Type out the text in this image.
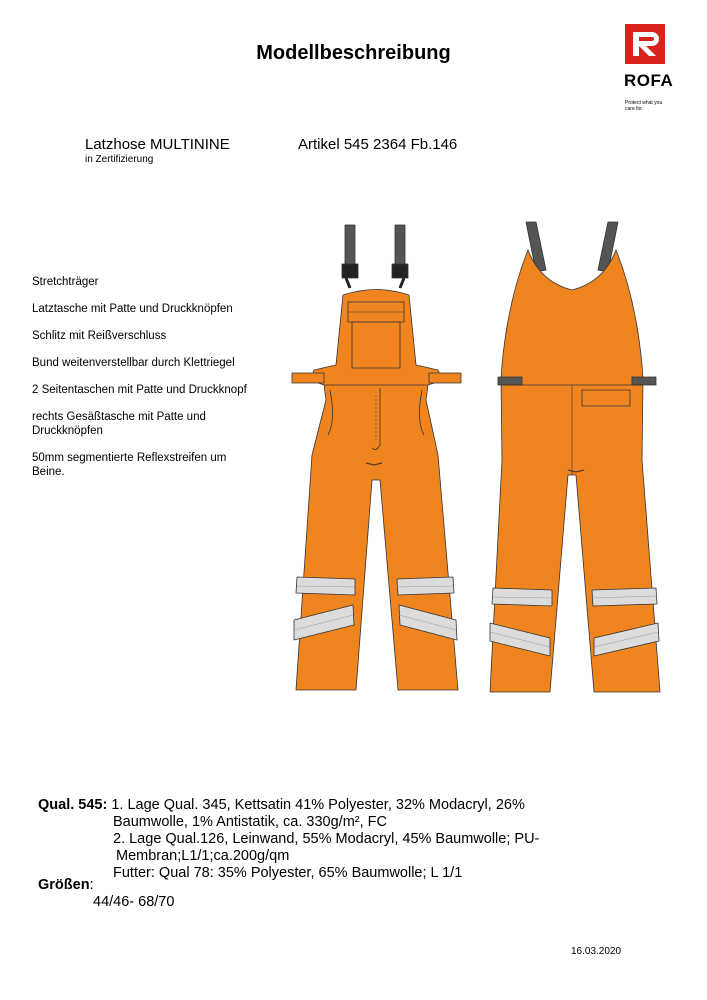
Modellbeschreibung
ROFA
Protect what you
care for.
Latzhose MULTININE
in Zertifizierung
Artikel 545 2364 Fb.146
Stretchträger
Latztasche mit Patte und Druckknöpfen
Schlitz mit Reißverschluss
Bund weitenverstellbar durch Klettriegel
2 Seitentaschen mit Patte und Druckknopf
rechts Gesäßtasche mit Patte und Druckknöpfen
50mm segmentierte Reflexstreifen um Beine.
Qual. 545: 1. Lage Qual. 345, Kettsatin 41% Polyester, 32% Modacryl, 26%
Baumwolle, 1% Antistatik, ca. 330g/m², FC
2. Lage Qual.126, Leinwand, 55% Modacryl, 45% Baumwolle; PU-
Membran;L1/1;ca.200g/qm
Futter: Qual 78: 35% Polyester, 65% Baumwolle; L 1/1
Größen:
44/46- 68/70
16.03.2020
